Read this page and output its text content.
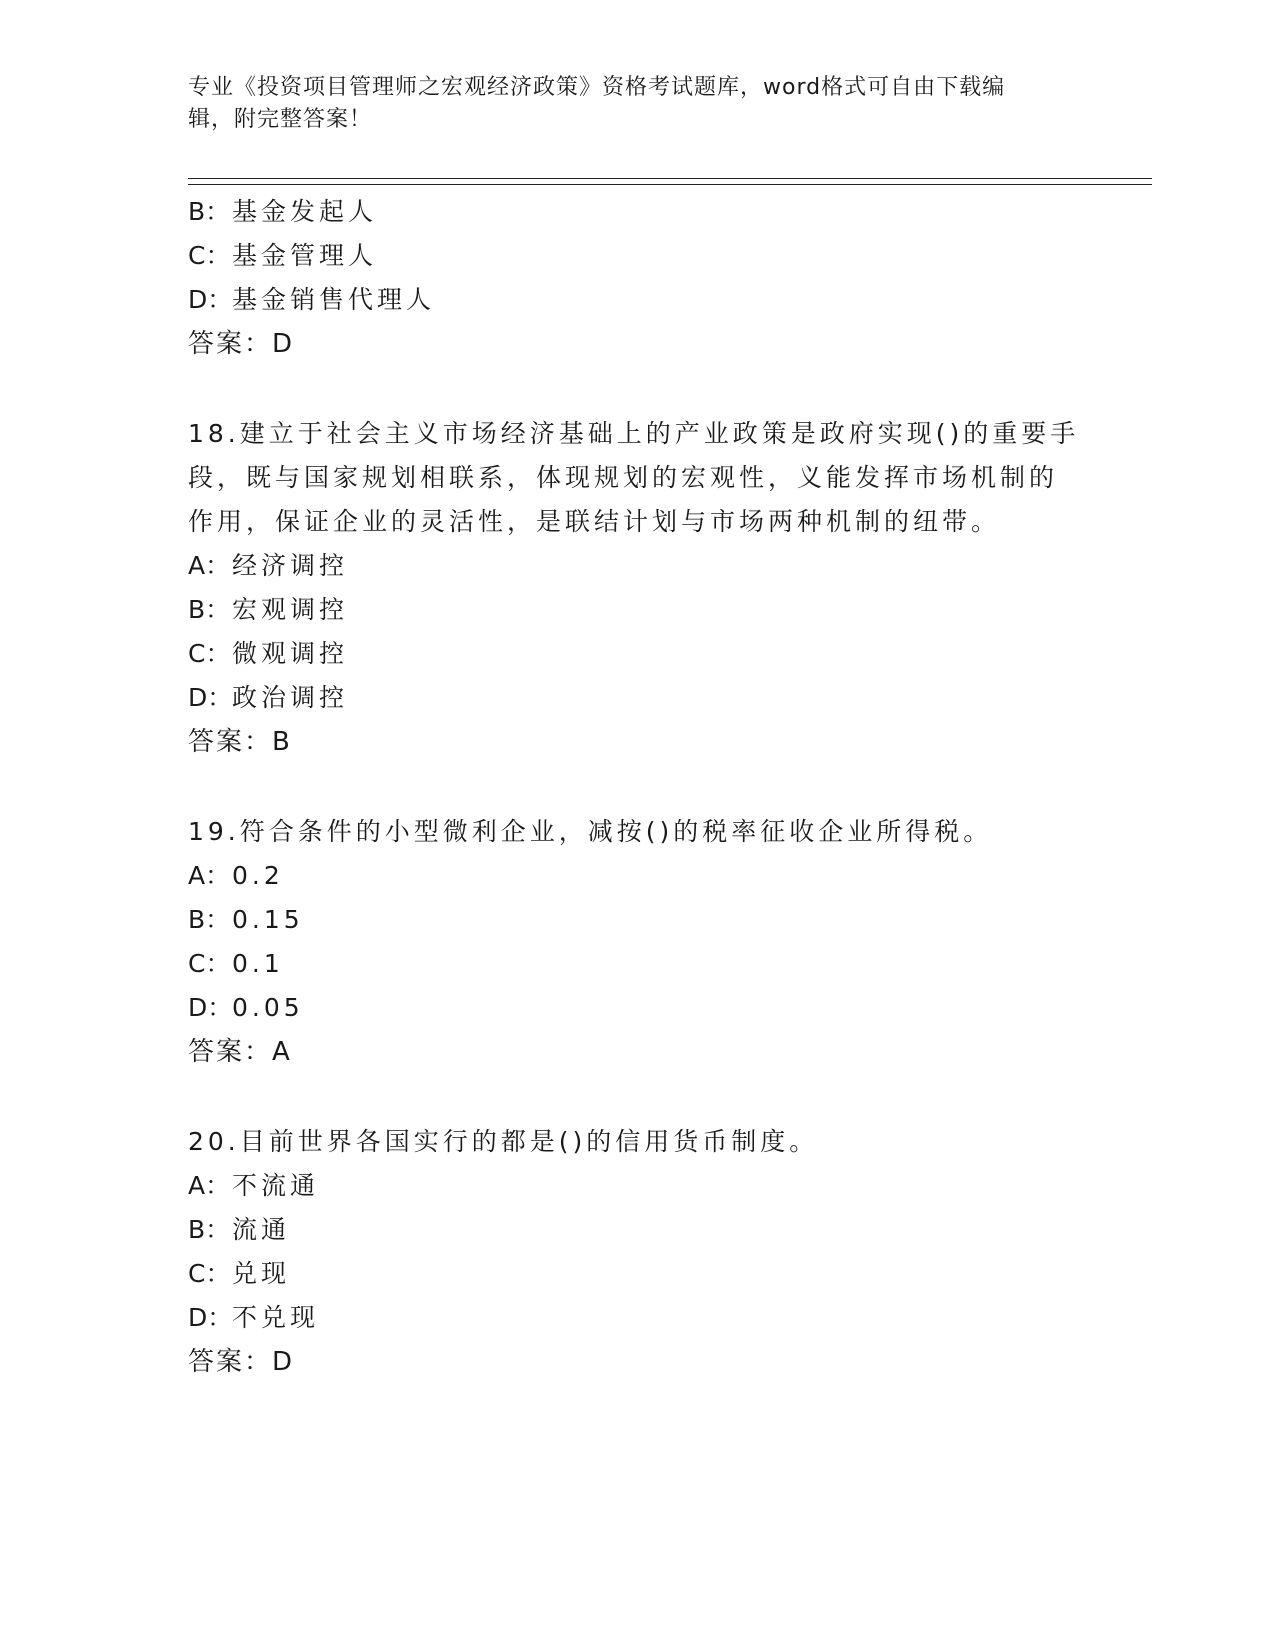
专业《投资项目管理师之宏观经济政策》资格考试题库，word格式可自由下载编
辑，附完整答案！
B：基金发起人
C：基金管理人
D：基金销售代理人
答案：D
18.建立于社会主义市场经济基础上的产业政策是政府实现()的重要手
段，既与国家规划相联系，体现规划的宏观性，义能发挥市场机制的
作用，保证企业的灵活性，是联结计划与市场两种机制的纽带。
A：经济调控
B：宏观调控
C：微观调控
D：政治调控
答案：B
19.符合条件的小型微利企业，减按()的税率征收企业所得税。
A：0.2
B：0.15
C：0.1
D：0.05
答案：A
20.目前世界各国实行的都是()的信用货币制度。
A：不流通
B：流通
C：兑现
D：不兑现
答案：D
